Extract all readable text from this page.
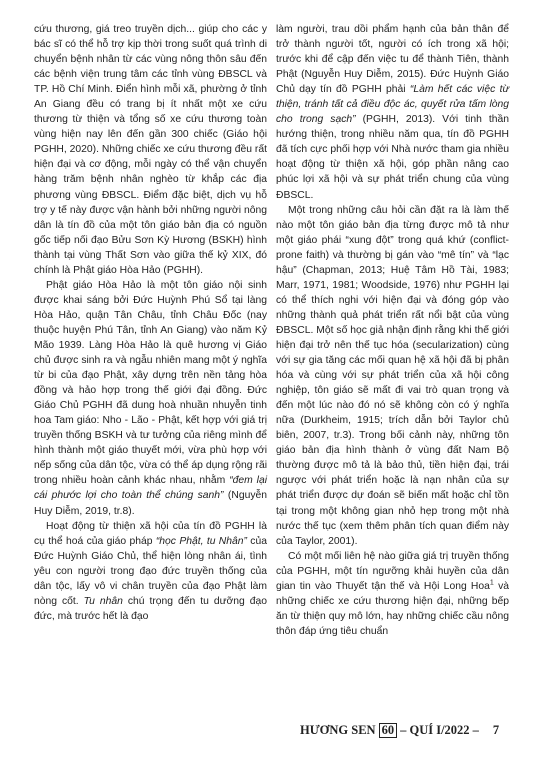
cứu thương, giá treo truyền dịch... giúp cho các y bác sĩ có thể hỗ trợ kịp thời trong suốt quá trình di chuyển bệnh nhân từ các vùng nông thôn sâu đến các bệnh viện trung tâm các tỉnh vùng ĐBSCL và TP. Hồ Chí Minh. Điển hình mỗi xã, phường ở tỉnh An Giang đều có trang bị ít nhất một xe cứu thương từ thiện và tổng số xe cứu thương toàn vùng hiện nay lên đến gần 300 chiếc (Giáo hội PGHH, 2020). Những chiếc xe cứu thương đều rất hiện đại và cơ động, mỗi ngày có thể vận chuyển hàng trăm bệnh nhân nghèo từ khắp các địa phương vùng ĐBSCL. Điểm đặc biệt, dịch vụ hỗ trợ y tế này được vận hành bởi những người nông dân là tín đồ của một tôn giáo bản địa có nguồn gốc tiếp nối đạo Bửu Sơn Kỳ Hương (BSKH) hình thành tại vùng Thất Sơn vào giữa thế kỷ XIX, đó chính là Phật giáo Hòa Hảo (PGHH).

Phật giáo Hòa Hảo là một tôn giáo nội sinh được khai sáng bởi Đức Huỳnh Phú Sổ tại làng Hòa Hảo, quận Tân Châu, tỉnh Châu Đốc (nay thuộc huyện Phú Tân, tỉnh An Giang) vào năm Kỷ Mão 1939. Làng Hòa Hảo là quê hương vị Giáo chủ được sinh ra và ngẫu nhiên mang một ý nghĩa từ bi của đạo Phật, xây dựng trên nền tảng hòa đồng và hảo hợp trong thế giới đại đồng. Đức Giáo Chủ PGHH đã dung hoà nhuần nhuyễn tinh hoa Tam giáo: Nho - Lão - Phật, kết hợp với giá trị truyền thống BSKH và tư tưởng của riêng mình để hình thành một giáo thuyết mới, vừa phù hợp với nếp sống của dân tộc, vừa có thể áp dụng rộng rãi trong nhiều hoàn cảnh khác nhau, nhằm “đem lại cái phước lợi cho toàn thể chúng sanh” (Nguyễn Huy Diễm, 2019, tr.8).

Hoạt động từ thiện xã hội của tín đồ PGHH là cụ thể hoá của giáo pháp “học Phật, tu Nhân” của Đức Huỳnh Giáo Chủ, thể hiện lòng nhân ái, tình yêu con người trong đạo đức truyền thống của dân tộc, lấy vô vi chân truyền của đạo Phật làm nòng cốt. Tu nhân chú trọng đến tu dưỡng đạo đức, mà trước hết là đạo

làm người, trau dồi phẩm hạnh của bản thân để trở thành người tốt, người có ích trong xã hội; trước khi để cập đến việc tu để thành Tiên, thành Phật (Nguyễn Huy Diễm, 2015). Đức Huỳnh Giáo Chủ dạy tín đồ PGHH phải “Làm hết các việc từ thiện, tránh tất cả điều độc ác, quyết rửa tấm lòng cho trong sạch” (PGHH, 2013). Với tinh thần hướng thiện, trong nhiều năm qua, tín đồ PGHH đã tích cực phối hợp với Nhà nước tham gia nhiều hoạt động từ thiện xã hội, góp phần nâng cao phúc lợi xã hội và sự phát triển chung của vùng ĐBSCL.

Một trong những câu hỏi cần đặt ra là làm thế nào một tôn giáo bản địa từng được mô tả như một giáo phái “xung đột” trong quá khứ (conflict-prone faith) và thường bị gán vào “mê tín” và “lạc hậu” (Chapman, 2013; Huệ Tâm Hồ Tài, 1983; Marr, 1971, 1981; Woodside, 1976) như PGHH lại có thể thích nghi với hiện đại và đóng góp vào những thành quả phát triển rất nổi bật của vùng ĐBSCL. Một số học giả nhận định rằng khi thế giới hiện đại trở nên thế tục hóa (secularization) cùng với sự gia tăng các mối quan hệ xã hội đã bị phân hóa và cùng với sự phát triển của xã hội công nghiệp, tôn giáo sẽ mất đi vai trò quan trọng và đến một lúc nào đó nó sẽ không còn có ý nghĩa nữa (Durkheim, 1915; trích dẫn bởi Taylor chủ biên, 2007, tr.3). Trong bối cảnh này, những tôn giáo bản địa hình thành ở vùng đất Nam Bộ thường được mô tả là bảo thủ, tiền hiện đại, trái ngược với phát triển hoặc là nạn nhân của sự phát triển được dự đoán sẽ biến mất hoặc chỉ tồn tại trong một không gian nhỏ hẹp trong một nhà nước thế tục (xem thêm phân tích quan điểm này của Taylor, 2001).

Có một mối liên hệ nào giữa giá trị truyền thống của PGHH, một tín ngưỡng khải huyền của dân gian tin vào Thuyết tận thế và Hội Long Hoa$^1$ và những chiếc xe cứu thương hiện đại, những bếp ăn từ thiện quy mô lớn, hay những chiếc cầu nông thôn đáp ứng tiêu chuẩn

HƯƠNG SEN 60 – QUÍ I/2022 – 7
